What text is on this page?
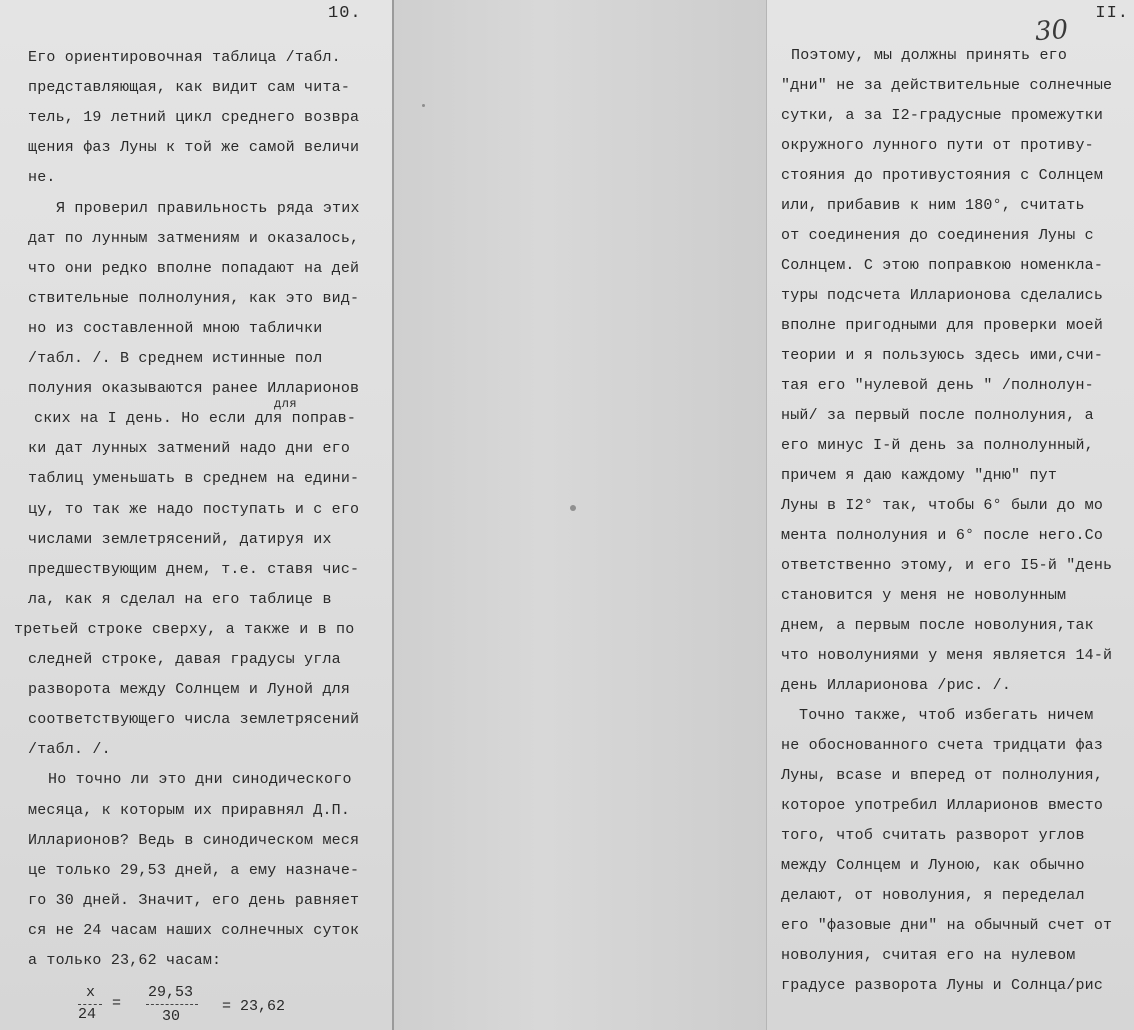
10.
Его ориентировочная таблица /табл.
представляющая, как видит сам чита-
тель, 19 летний цикл среднего возвра
щения фаз Луны к той же самой величи
не.
Я проверил правильность ряда этих
дат по лунным затмениям и оказалось,
что они редко вполне попадают на дей
ствительные полнолуния, как это вид-
но из составленной мною таблички
/табл. /. В среднем истинные пол
полуния оказываются ранее Илларионов
ских на I день. Но если для поправ-
ки дат лунных затмений надо дни его
таблиц уменьшать в среднем на едини-
цу, то так же надо поступать и с его
числами землетрясений, датируя их
предшествующим днем, т.е. ставя чис-
ла, как я сделал на его таблице в
третьей строке сверху, а также и в по
следней строке, давая градусы угла
разворота между Солнцем и Луной для
соответствующего числа землетрясений
/табл. /.
Но точно ли это дни синодического
месяца, к которым их приравнял Д.П.
Илларионов? Ведь в синодическом меся
це только 29,53 дней, а ему назначе-
го 30 дней. Значит, его день равняет
ся не 24 часам наших солнечных суток
а только 23,62 часам:
для
x
24
=
29,53
30
= 23,62
II.
30
Поэтому, мы должны принять его
"дни" не за действительные солнечные
сутки, а за I2-градусные промежутки
окружного лунного пути от противу-
стояния до противустояния с Солнцем
или, прибавив к ним 180°, считать
от соединения до соединения Луны с
Солнцем. С этою поправкою номенкла-
туры подсчета Илларионова сделались
вполне пригодными для проверки моей
теории и я пользуюсь здесь ими,счи-
тая его "нулевой день " /полнолун-
ный/ за первый после полнолуния, а
его минус I-й день за полнолунный,
причем я даю каждому "дню" пут
Луны в I2° так, чтобы 6° были до мо
мента полнолуния и 6° после него.Со
ответственно этому, и его I5-й "день
становится у меня не новолунным
днем, а первым после новолуния,так
что новолуниями у меня является 14-й
день Илларионова /рис. /.
Точно также, чтоб избегать ничем
не обоснованного счета тридцати фаз
Луны, вcase и вперед от полнолуния,
которое употребил Илларионов вместо
того, чтоб считать разворот углов
между Солнцем и Луною, как обычно
делают, от новолуния, я переделал
его "фазовые дни" на обычный счет от
новолуния, считая его на нулевом
градусе разворота Луны и Солнца/рис
